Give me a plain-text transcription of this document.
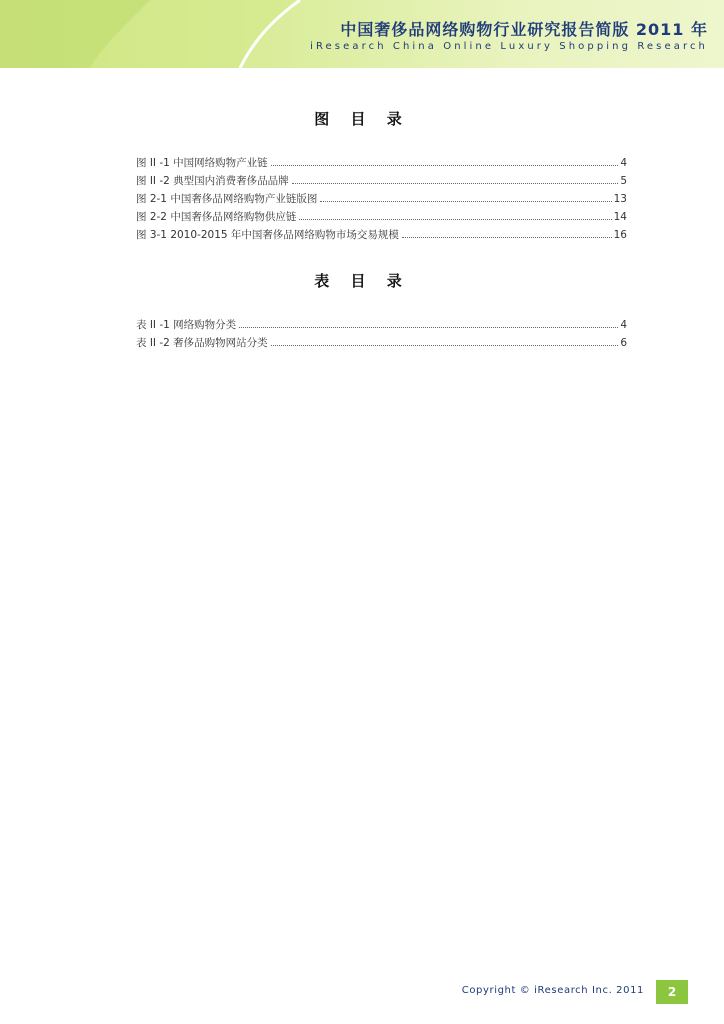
中国奢侈品网络购物行业研究报告简版 2011 年
iResearch China Online Luxury Shopping Research
图 目 录
图 II -1 中国网络购物产业链	4
图 II -2 典型国内消费奢侈品品牌	5
图 2-1 中国奢侈品网络购物产业链版图	13
图 2-2 中国奢侈品网络购物供应链	14
图 3-1 2010-2015 年中国奢侈品网络购物市场交易规模	16
表 目 录
表 II -1 网络购物分类	4
表 II -2 奢侈品购物网站分类	6
Copyright © iResearch Inc. 2011	2
